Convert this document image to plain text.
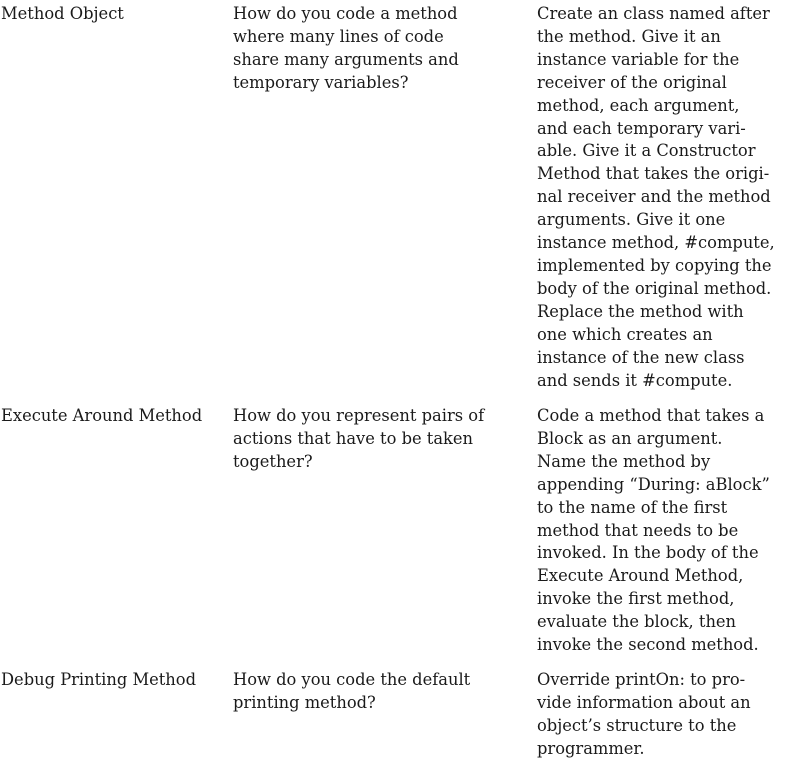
Method Object	How do you code a method
where many lines of code
share many arguments and
temporary variables?
Create an class named after
the method. Give it an
instance variable for the
receiver of the original
method, each argument,
and each temporary vari-
able. Give it a Constructor
Method that takes the origi-
nal receiver and the method
arguments. Give it one
instance method, #compute,
implemented by copying the
body of the original method.
Replace the method with
one which creates an
instance of the new class
and sends it #compute.
Execute Around Method How do you represent pairs of
actions that have to be taken
together?
Code a method that takes a
Block as an argument.
Name the method by
appending “During: aBlock”
to the name of the first
method that needs to be
invoked. In the body of the
Execute Around Method,
invoke the first method,
evaluate the block, then
invoke the second method.
Debug Printing Method How do you code the default
printing method?
Override printOn: to pro-
vide information about an
object’s structure to the
programmer.
